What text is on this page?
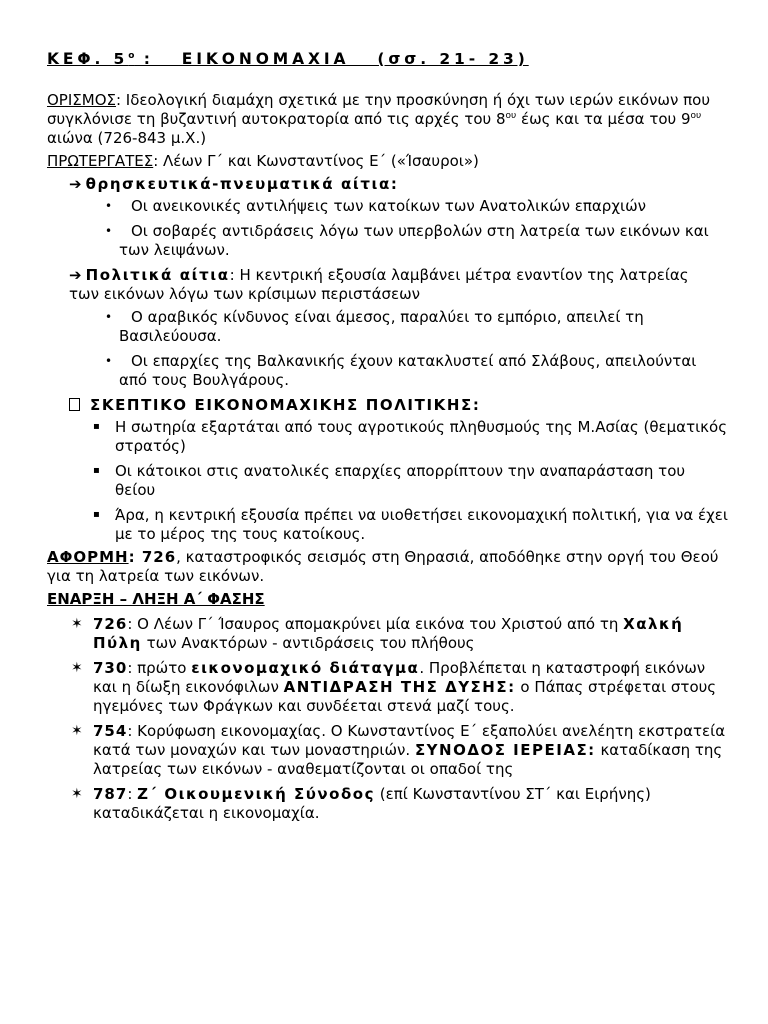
ΚΕΦ. $5^o$ :   ΕΙΚΟΝΟΜΑΧΙΑ   (σσ. 21- 23)

ΟΡΙΣΜΟΣ: Ιδεολογική διαμάχη σχετικά με την προσκύνηση ή όχι των ιερών εικόνων που συγκλόνισε τη βυζαντινή αυτοκρατορία από τις αρχές του $8^{o\upsilon}$ έως και τα μέσα του $9^{o\upsilon}$ αιώνα (726-843 μ.Χ.)

ΠΡΩΤΕΡΓΑΤΕΣ: Λέων Γ΄ και Κωνσταντίνος Ε΄ («Ίσαυροι»)

➔ θρησκευτικά-πνευματικά αίτια:
• Οι ανεικονικές αντιλήψεις των κατοίκων των Ανατολικών επαρχιών
• Οι σοβαρές αντιδράσεις λόγω των υπερβολών στη λατρεία των εικόνων και των λειψάνων.

➔ Πολιτικά αίτια: Η κεντρική εξουσία λαμβάνει μέτρα εναντίον της λατρείας των εικόνων λόγω των κρίσιμων περιστάσεων

• Ο αραβικός κίνδυνος είναι άμεσος, παραλύει το εμπόριο, απειλεί τη Βασιλεύουσα.
• Οι επαρχίες της Βαλκανικής έχουν κατακλυστεί από Σλάβους, απειλούνται από τους Βουλγάρους.
ΣΚΕΠΤΙΚΟ ΕΙΚΟΝΟΜΑΧΙΚΗΣ ΠΟΛΙΤΙΚΗΣ:
▪ Η σωτηρία εξαρτάται από τους αγροτικούς πληθυσμούς της Μ.Ασίας (θεματικός στρατός)
▪ Οι κάτοικοι στις ανατολικές επαρχίες απορρίπτουν την αναπαράσταση του θείου
▪ Άρα, η κεντρική εξουσία πρέπει να υιοθετήσει εικονομαχική πολιτική, για να έχει με το μέρος της τους κατοίκους.

ΑΦΟΡΜΗ: 726, καταστροφικός σεισμός στη Θηρασιά, αποδόθηκε στην οργή του Θεού για τη λατρεία των εικόνων.

ΕΝΑΡΞΗ – ΛΗΞΗ Α΄ ΦΑΣΗΣ

✶ 726: Ο Λέων Γ΄ Ίσαυρος απομακρύνει μία εικόνα του Χριστού από τη Χαλκή Πύλη των Ανακτόρων - αντιδράσεις του πλήθους
✶ 730: πρώτο εικονομαχικό διάταγμα. Προβλέπεται η καταστροφή εικόνων και η δίωξη εικονόφιλων ΑΝΤΙΔΡΑΣΗ ΤΗΣ ΔΥΣΗΣ: ο Πάπας στρέφεται στους ηγεμόνες των Φράγκων και συνδέεται στενά μαζί τους.
✶ 754: Κορύφωση εικονομαχίας. Ο Κωνσταντίνος Ε΄ εξαπολύει ανελέητη εκστρατεία κατά των μοναχών και των μοναστηριών. ΣΥΝΟΔΟΣ ΙΕΡΕΙΑΣ: καταδίκαση της λατρείας των εικόνων - αναθεματίζονται οι οπαδοί της
✶ 787: Ζ΄ Οικουμενική Σύνοδος (επί Κωνσταντίνου ΣΤ΄ και Ειρήνης) καταδικάζεται η εικονομαχία.
